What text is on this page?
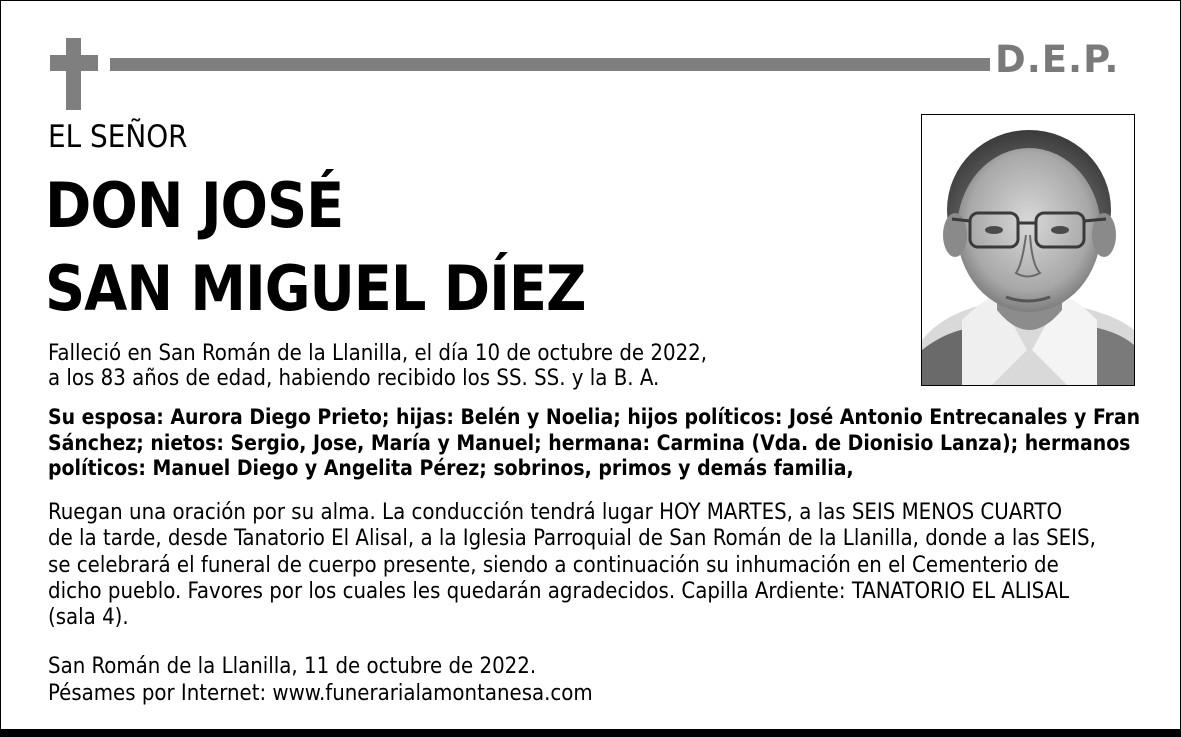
D.E.P.
EL SEÑOR
DON JOSÉ
SAN MIGUEL DÍEZ

Falleció en San Román de la Llanilla, el día 10 de octubre de 2022,
a los 83 años de edad, habiendo recibido los SS. SS. y la B. A.

Su esposa: Aurora Diego Prieto; hijas: Belén y Noelia; hijos políticos: José Antonio Entrecanales y Fran
Sánchez; nietos: Sergio, Jose, María y Manuel; hermana: Carmina (Vda. de Dionisio Lanza); hermanos
políticos: Manuel Diego y Angelita Pérez; sobrinos, primos y demás familia,

Ruegan una oración por su alma. La conducción tendrá lugar HOY MARTES, a las SEIS MENOS CUARTO
de la tarde, desde Tanatorio El Alisal, a la Iglesia Parroquial de San Román de la Llanilla, donde a las SEIS,
se celebrará el funeral de cuerpo presente, siendo a continuación su inhumación en el Cementerio de
dicho pueblo. Favores por los cuales les quedarán agradecidos. Capilla Ardiente: TANATORIO EL ALISAL
(sala 4).

San Román de la Llanilla, 11 de octubre de 2022.

Pésames por Internet: www.funerarialamontanesa.com
